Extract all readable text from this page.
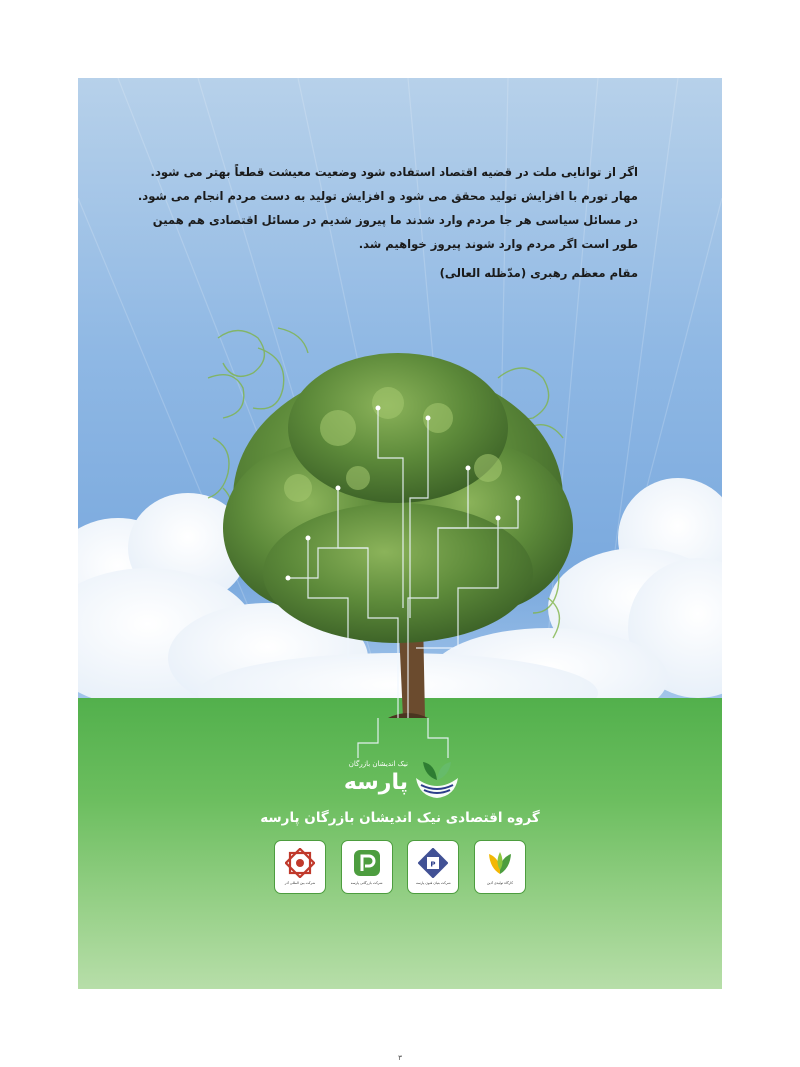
اگر از توانایی ملت در قضیه اقتصاد استفاده شود وضعیت معیشت قطعاً بهتر می شود.

مهار تورم با افزایش تولید محقق می شود و افزایش تولید به دست مردم انجام می شود.

در مسائل سیاسی هر جا مردم وارد شدند ما پیروز شدیم در مسائل اقتصادی هم همین

طور است اگر مردم وارد شوند پیروز خواهیم شد.

مقام معظم رهبری (مدّظله العالی)
نیک اندیشان بازرگان
پارسه
گروه اقتصادی نیک اندیشان بازرگان پارسه
کارگاه تولیدی آذین
P
شرکت بنیان فنون پارسه
شرکت بازرگانی پارسه
شرکت بین المللی آذر
۳
